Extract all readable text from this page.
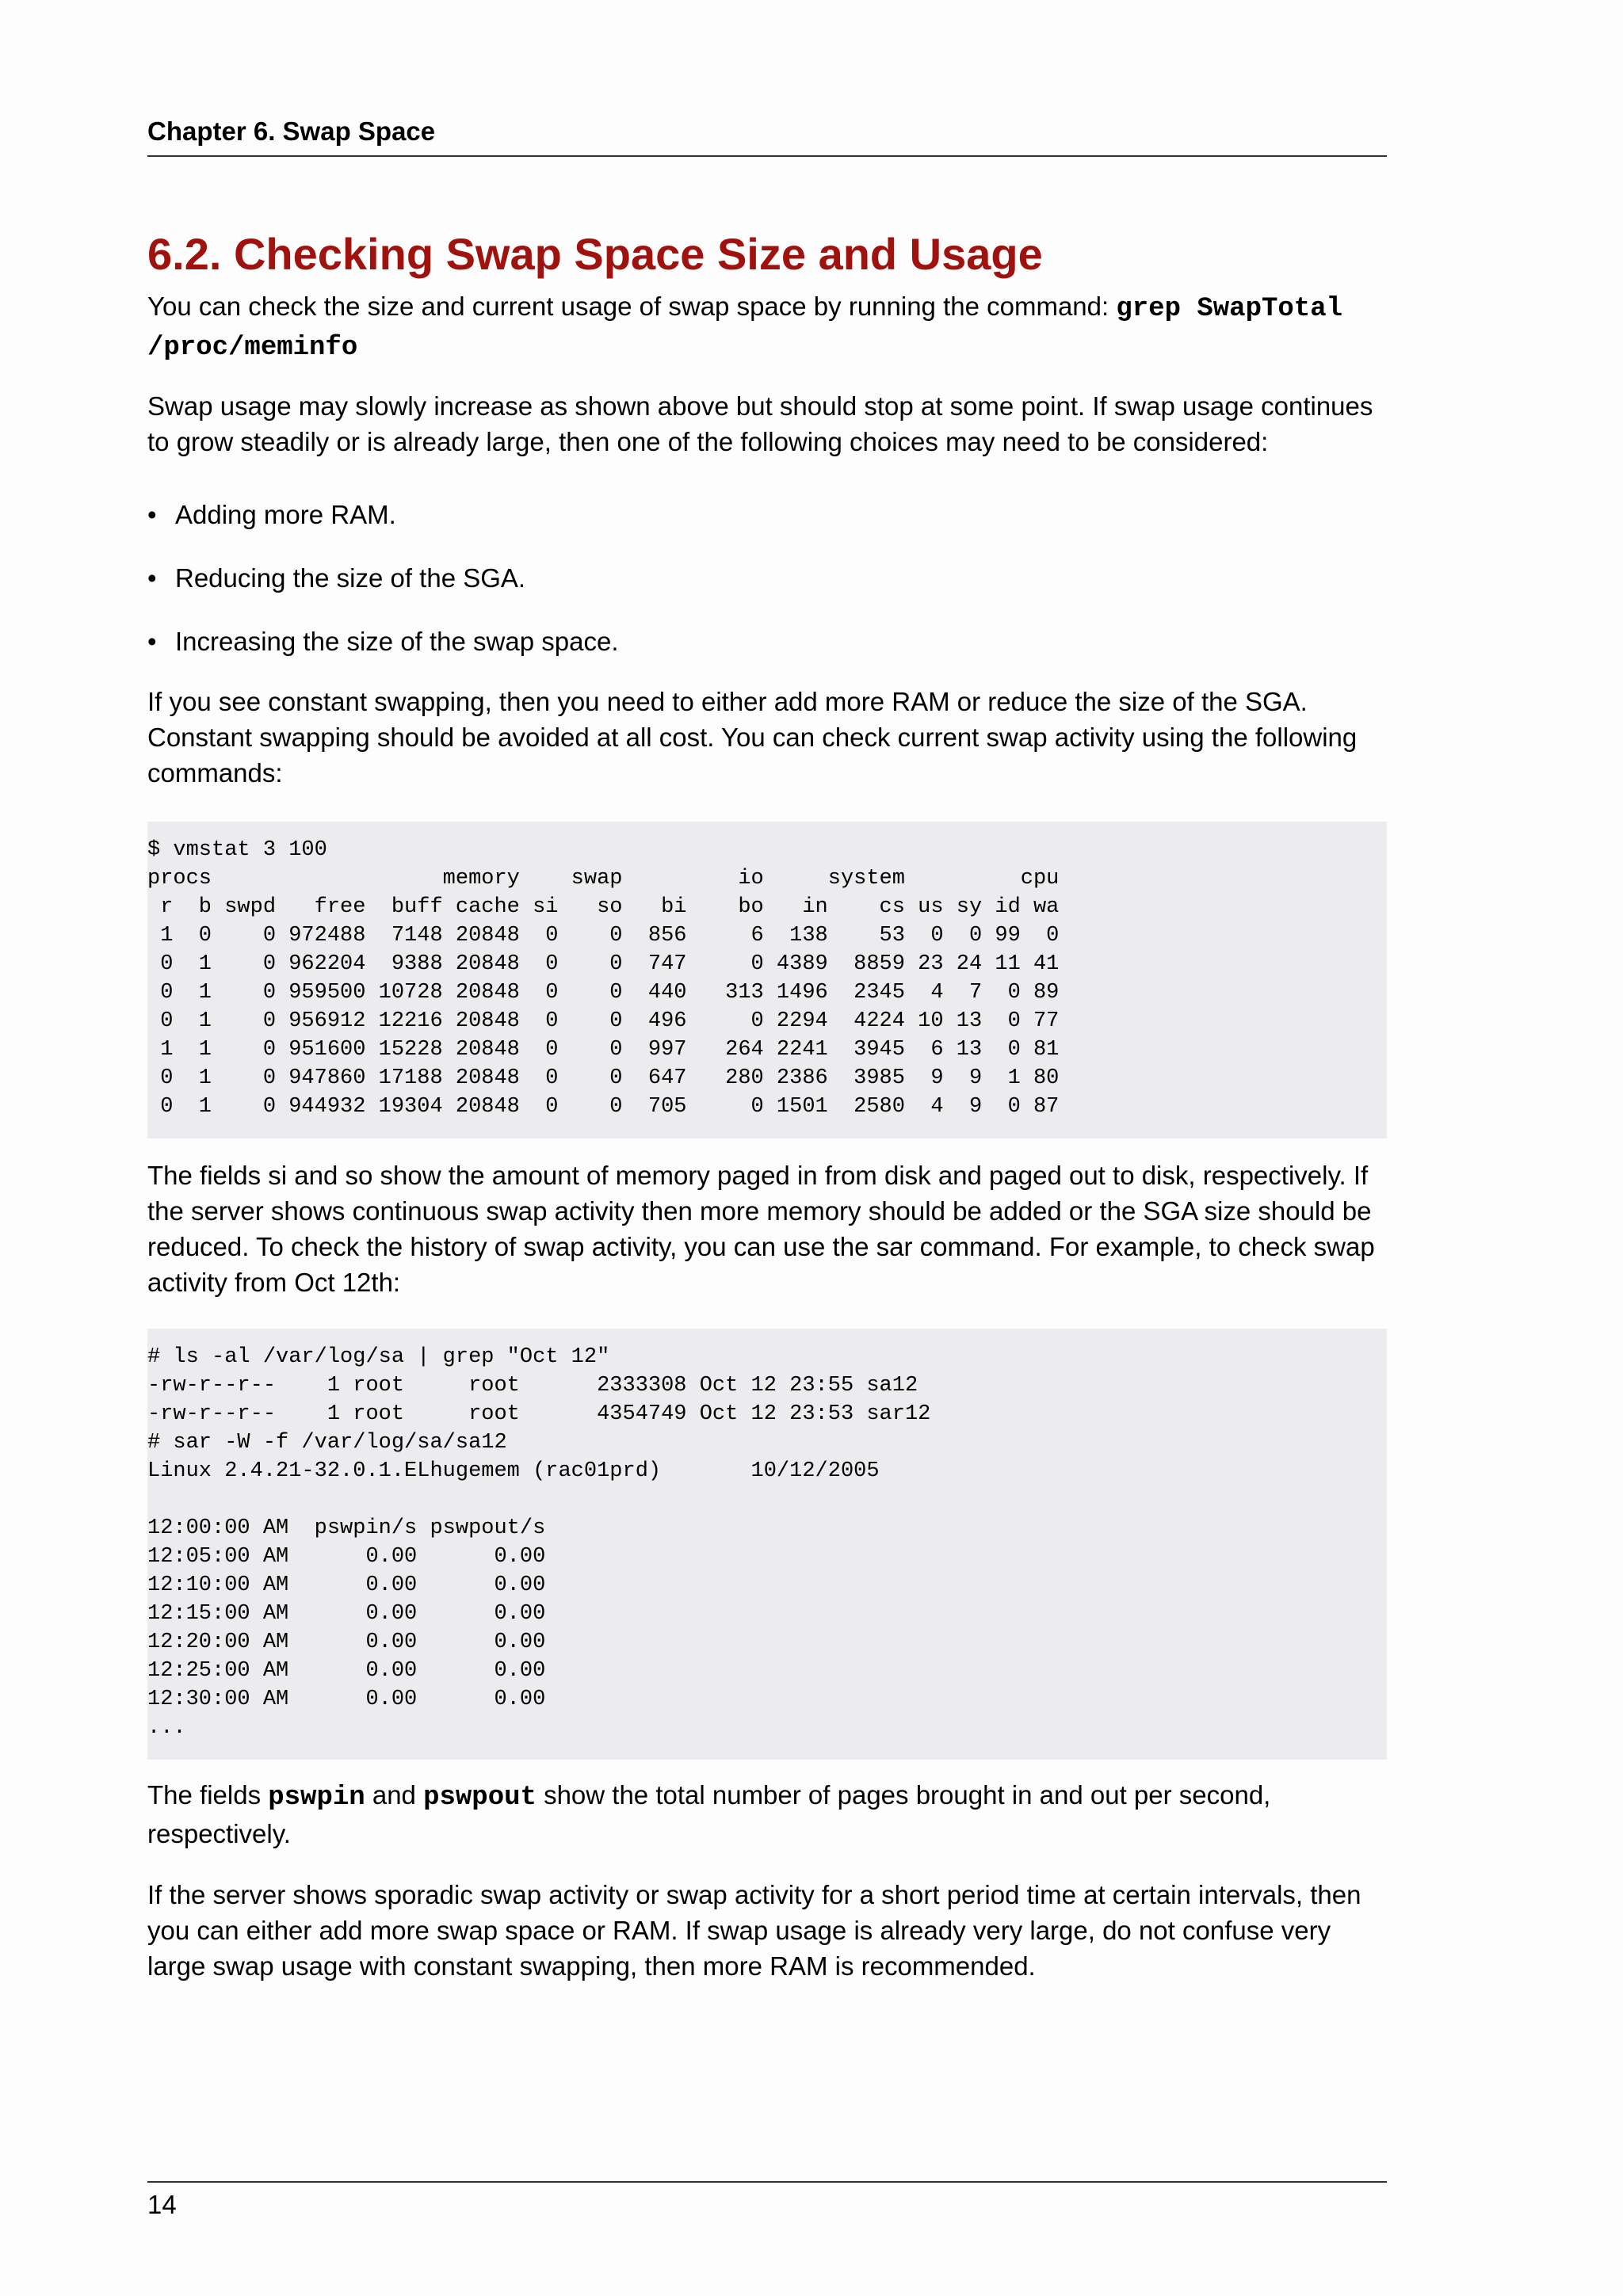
Chapter 6. Swap Space
6.2. Checking Swap Space Size and Usage

You can check the size and current usage of swap space by running the command: grep SwapTotal /proc/meminfo

Swap usage may slowly increase as shown above but should stop at some point. If swap usage continues to grow steadily or is already large, then one of the following choices may need to be considered:

• Adding more RAM.
• Reducing the size of the SGA.
• Increasing the size of the swap space.

If you see constant swapping, then you need to either add more RAM or reduce the size of the SGA. Constant swapping should be avoided at all cost. You can check current swap activity using the following commands:

$ vmstat 3 100
procs                  memory    swap         io     system         cpu
r  b swpd   free  buff cache si   so   bi    bo   in    cs us sy id wa
1  0    0 972488  7148 20848  0    0  856     6  138    53  0  0 99  0
0  1    0 962204  9388 20848  0    0  747     0 4389  8859 23 24 11 41
0  1    0 959500 10728 20848  0    0  440   313 1496  2345  4  7  0 89
0  1    0 956912 12216 20848  0    0  496     0 2294  4224 10 13  0 77
1  1    0 951600 15228 20848  0    0  997   264 2241  3945  6 13  0 81
0  1    0 947860 17188 20848  0    0  647   280 2386  3985  9  9  1 80
0  1    0 944932 19304 20848  0    0  705     0 1501  2580  4  9  0 87

The fields si and so show the amount of memory paged in from disk and paged out to disk, respectively. If the server shows continuous swap activity then more memory should be added or the SGA size should be reduced. To check the history of swap activity, you can use the sar command. For example, to check swap activity from Oct 12th:

# ls -al /var/log/sa | grep "Oct 12"
-rw-r--r--    1 root     root      2333308 Oct 12 23:55 sa12
-rw-r--r--    1 root     root      4354749 Oct 12 23:53 sar12
# sar -W -f /var/log/sa/sa12
Linux 2.4.21-32.0.1.ELhugemem (rac01prd)       10/12/2005

12:00:00 AM  pswpin/s pswpout/s
12:05:00 AM      0.00      0.00
12:10:00 AM      0.00      0.00
12:15:00 AM      0.00      0.00
12:20:00 AM      0.00      0.00
12:25:00 AM      0.00      0.00
12:30:00 AM      0.00      0.00
...

The fields pswpin and pswpout show the total number of pages brought in and out per second, respectively.

If the server shows sporadic swap activity or swap activity for a short period time at certain intervals, then you can either add more swap space or RAM. If swap usage is already very large, do not confuse very large swap usage with constant swapping, then more RAM is recommended.

14
